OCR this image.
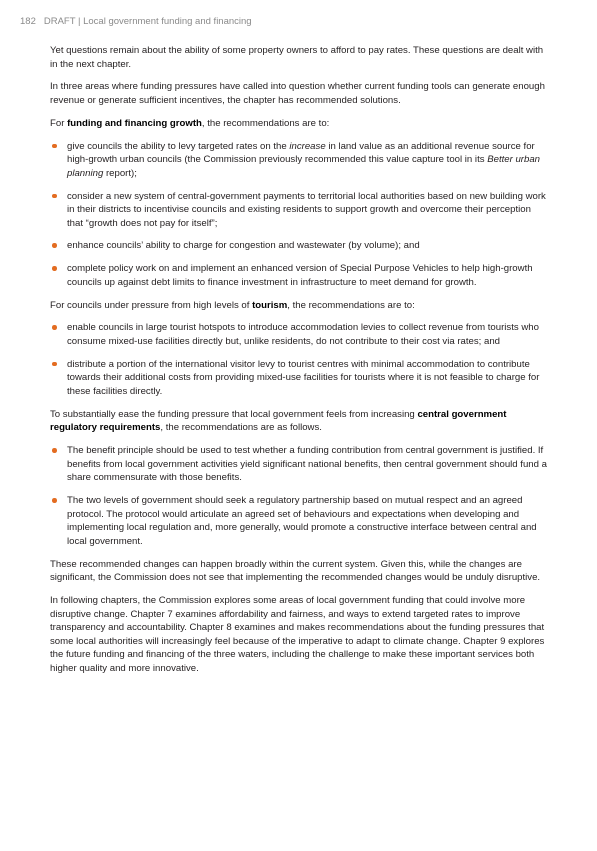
182 DRAFT | Local government funding and financing

Yet questions remain about the ability of some property owners to afford to pay rates. These questions are dealt with in the next chapter.

In three areas where funding pressures have called into question whether current funding tools can generate enough revenue or generate sufficient incentives, the chapter has recommended solutions.

For funding and financing growth, the recommendations are to:

give councils the ability to levy targeted rates on the increase in land value as an additional revenue source for high-growth urban councils (the Commission previously recommended this value capture tool in its Better urban planning report);
consider a new system of central-government payments to territorial local authorities based on new building work in their districts to incentivise councils and existing residents to support growth and overcome their perception that “growth does not pay for itself”;
enhance councils’ ability to charge for congestion and wastewater (by volume); and
complete policy work on and implement an enhanced version of Special Purpose Vehicles to help high-growth councils up against debt limits to finance investment in infrastructure to meet demand for growth.

For councils under pressure from high levels of tourism, the recommendations are to:

enable councils in large tourist hotspots to introduce accommodation levies to collect revenue from tourists who consume mixed-use facilities directly but, unlike residents, do not contribute to their cost via rates; and
distribute a portion of the international visitor levy to tourist centres with minimal accommodation to contribute towards their additional costs from providing mixed-use facilities for tourists where it is not feasible to charge for these facilities directly.

To substantially ease the funding pressure that local government feels from increasing central government regulatory requirements, the recommendations are as follows.

The benefit principle should be used to test whether a funding contribution from central government is justified. If benefits from local government activities yield significant national benefits, then central government should fund a share commensurate with those benefits.
The two levels of government should seek a regulatory partnership based on mutual respect and an agreed protocol. The protocol would articulate an agreed set of behaviours and expectations when developing and implementing local regulation and, more generally, would promote a constructive interface between central and local government.

These recommended changes can happen broadly within the current system. Given this, while the changes are significant, the Commission does not see that implementing the recommended changes would be unduly disruptive.

In following chapters, the Commission explores some areas of local government funding that could involve more disruptive change. Chapter 7 examines affordability and fairness, and ways to extend targeted rates to improve transparency and accountability. Chapter 8 examines and makes recommendations about the funding pressures that some local authorities will increasingly feel because of the imperative to adapt to climate change. Chapter 9 explores the future funding and financing of the three waters, including the challenge to make these important services both higher quality and more innovative.
